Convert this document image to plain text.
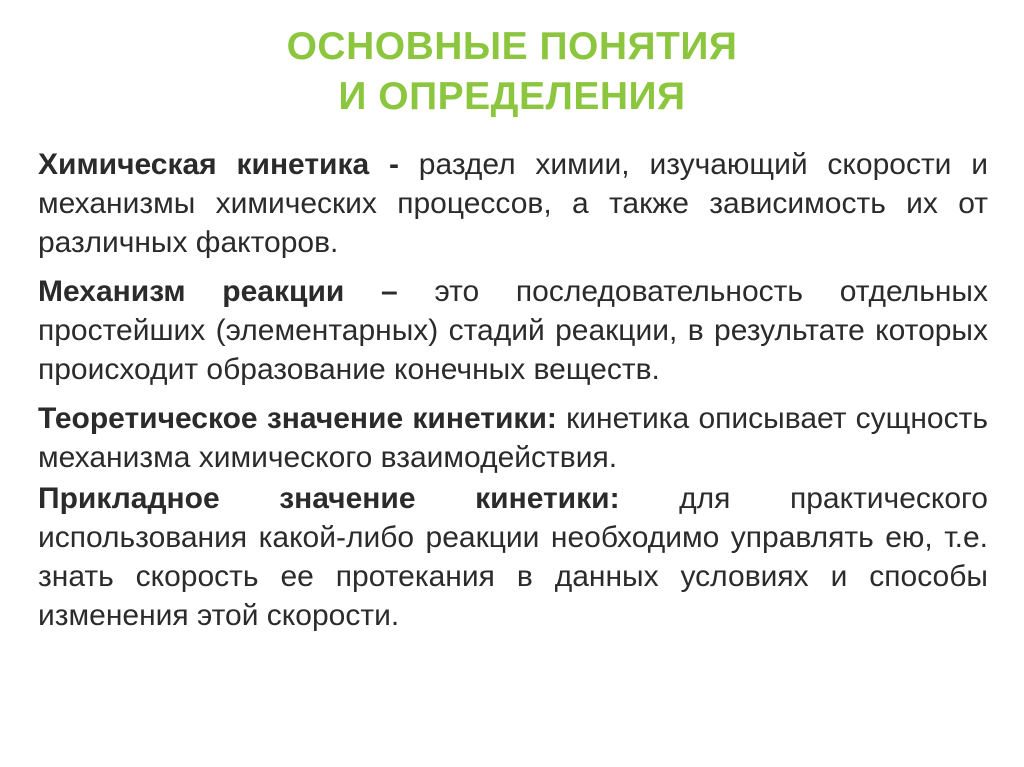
ОСНОВНЫЕ ПОНЯТИЯ
И ОПРЕДЕЛЕНИЯ

Химическая кинетика - раздел химии, изучающий скорости и механизмы химических процессов, а также зависимость их от различных факторов.

Механизм реакции – это последовательность отдельных простейших (элементарных) стадий реакции, в результате которых происходит образование конечных веществ.

Теоретическое значение кинетики: кинетика описывает сущность механизма химического взаимодействия.

Прикладное значение кинетики: для практического использования какой-либо реакции необходимо управлять ею, т.е. знать скорость ее протекания в данных условиях и способы изменения этой скорости.
